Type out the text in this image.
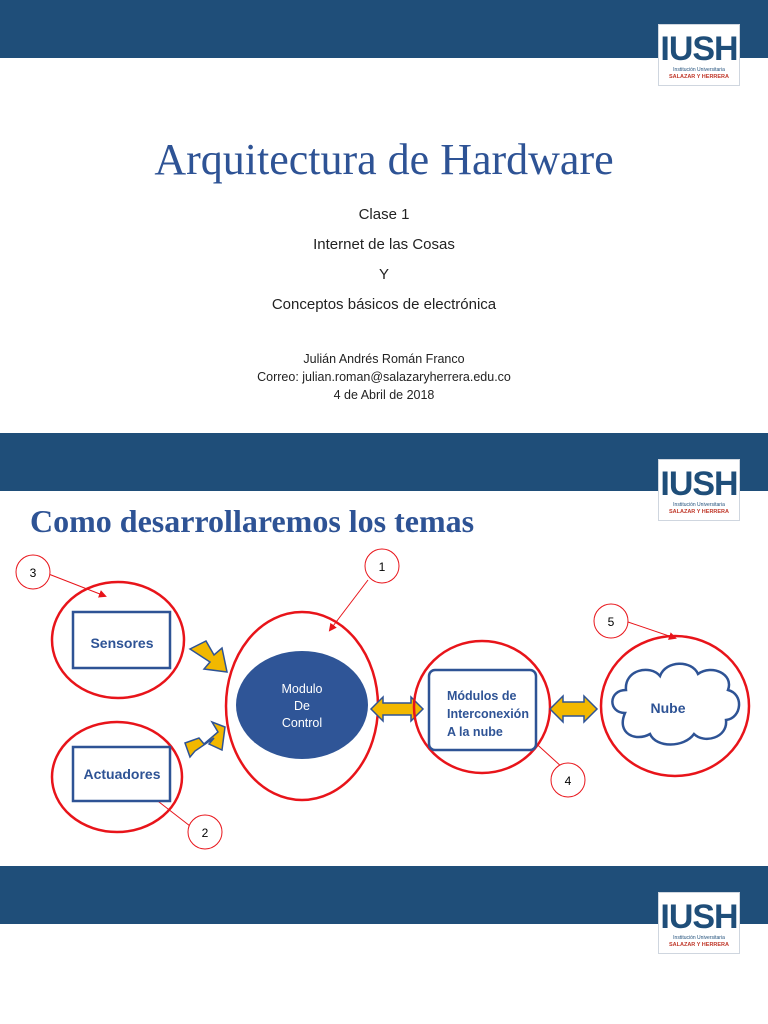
IUSH
Institución Universitaria
SALAZAR Y HERRERA
Arquitectura de Hardware
Clase 1
Internet de las Cosas
Y
Conceptos básicos de electrónica
Julián Andrés Román Franco
Correo: julian.roman@salazaryherrera.edu.co
4 de Abril de 2018
IUSH
Institución Universitaria
SALAZAR Y HERRERA
Como desarrollaremos los temas
3	1
2
4
5
Sensores
Actuadores
Modulo
De
Control
Módulos de
Interconexión
A la nube
Nube
IUSH
Institución Universitaria
SALAZAR Y HERRERA
